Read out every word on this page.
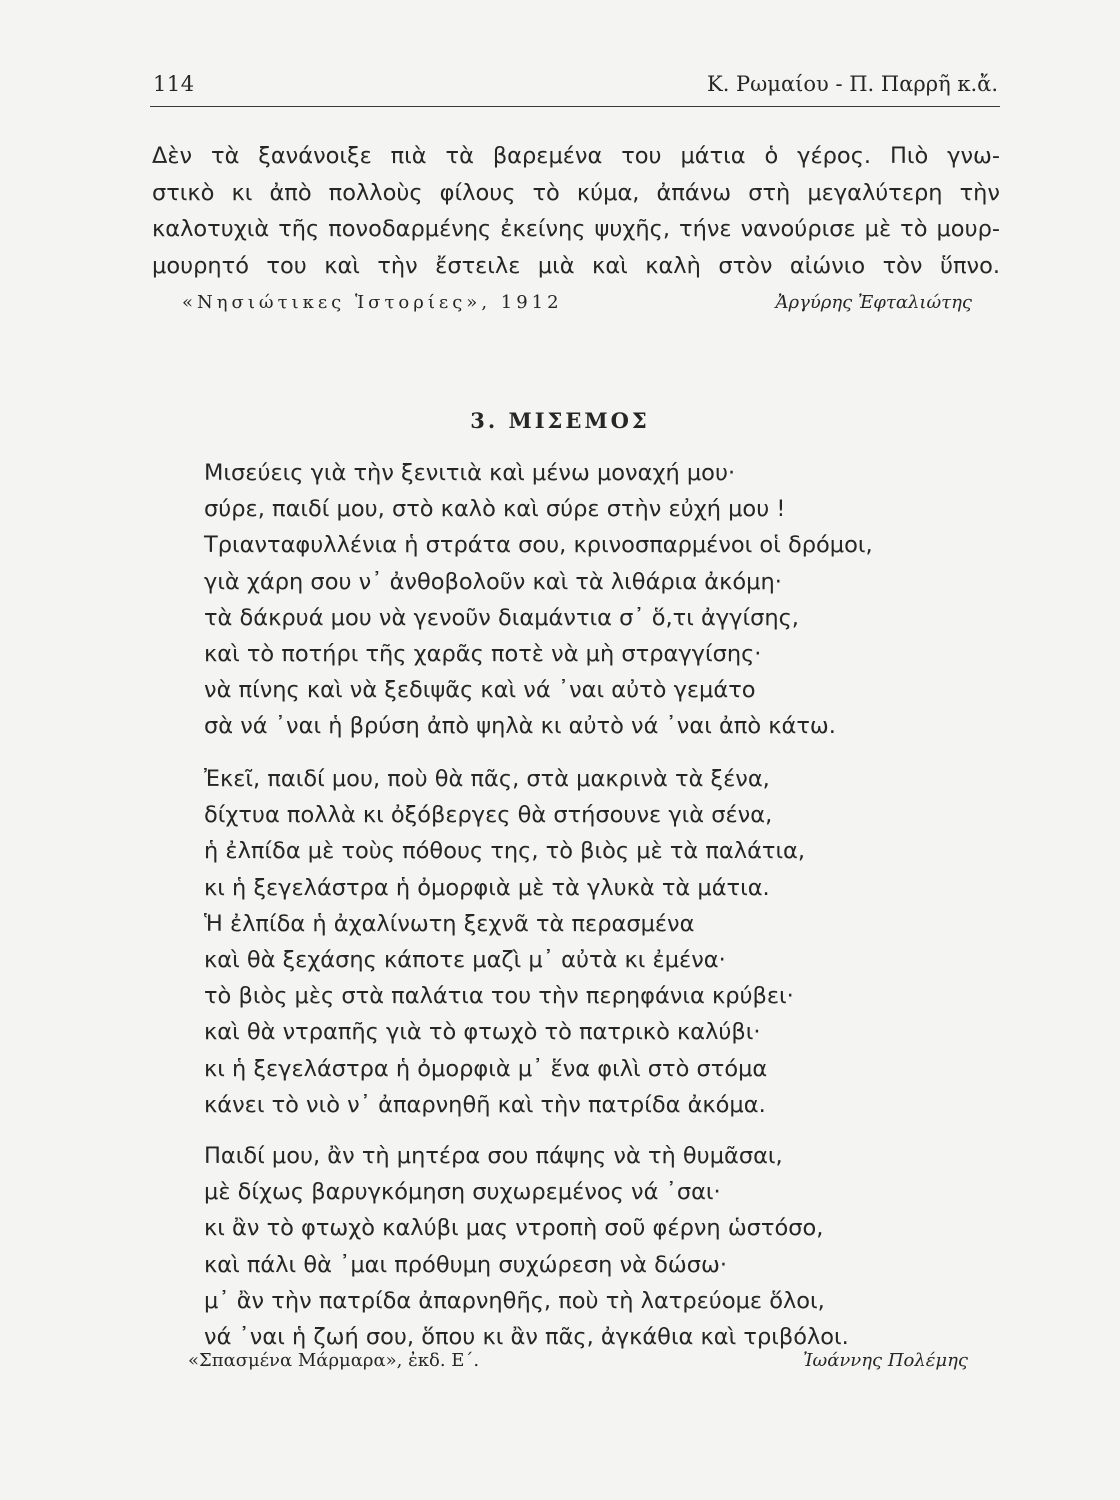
114	Κ. Ρωμαίου - Π. Παρρῆ κ.ἄ.
Δὲν τὰ ξανάνοιξε πιὰ τὰ βαρεμένα του μάτια ὁ γέρος. Πιὸ γνω-
στικὸ κι ἀπὸ πολλοὺς φίλους τὸ κύμα, ἀπάνω στὴ μεγαλύτερη τὴν
καλοτυχιὰ τῆς πονοδαρμένης ἐκείνης ψυχῆς, τήνε νανούρισε μὲ τὸ μουρ-
μουρητό του καὶ τὴν ἔστειλε μιὰ καὶ καλὴ στὸν αἰώνιο τὸν ὕπνο.
«Νησιώτικες Ἱστορίες», 1912	Ἀργύρης Ἐφταλιώτης
3. ΜΙΣΕΜΟΣ
Μισεύεις γιὰ τὴν ξενιτιὰ καὶ μένω μοναχή μου·
σύρε, παιδί μου, στὸ καλὸ καὶ σύρε στὴν εὐχή μου !
Τριανταφυλλένια ἡ στράτα σου, κρινοσπαρμένοι οἱ δρόμοι,
γιὰ χάρη σου ν᾽ ἀνθοβολοῦν καὶ τὰ λιθάρια ἀκόμη·
τὰ δάκρυά μου νὰ γενοῦν διαμάντια σ᾽ ὅ,τι ἀγγίσης,
καὶ τὸ ποτήρι τῆς χαρᾶς ποτὲ νὰ μὴ στραγγίσης·
νὰ πίνης καὶ νὰ ξεδιψᾶς καὶ νά ᾽ναι αὐτὸ γεμάτο
σὰ νά ᾽ναι ἡ βρύση ἀπὸ ψηλὰ κι αὐτὸ νά ᾽ναι ἀπὸ κάτω.
Ἐκεῖ, παιδί μου, ποὺ θὰ πᾶς, στὰ μακρινὰ τὰ ξένα,
δίχτυα πολλὰ κι ὀξόβεργες θὰ στήσουνε γιὰ σένα,
ἡ ἐλπίδα μὲ τοὺς πόθους της, τὸ βιὸς μὲ τὰ παλάτια,
κι ἡ ξεγελάστρα ἡ ὀμορφιὰ μὲ τὰ γλυκὰ τὰ μάτια.
Ἡ ἐλπίδα ἡ ἀχαλίνωτη ξεχνᾶ τὰ περασμένα
καὶ θὰ ξεχάσης κάποτε μαζὶ μ᾽ αὐτὰ κι ἐμένα·
τὸ βιὸς μὲς στὰ παλάτια του τὴν περηφάνια κρύβει·
καὶ θὰ ντραπῆς γιὰ τὸ φτωχὸ τὸ πατρικὸ καλύβι·
κι ἡ ξεγελάστρα ἡ ὀμορφιὰ μ᾽ ἕνα φιλὶ στὸ στόμα
κάνει τὸ νιὸ ν᾽ ἀπαρνηθῆ καὶ τὴν πατρίδα ἀκόμα.
Παιδί μου, ἂν τὴ μητέρα σου πάψης νὰ τὴ θυμᾶσαι,
μὲ δίχως βαρυγκόμηση συχωρεμένος νά ᾽σαι·
κι ἂν τὸ φτωχὸ καλύβι μας ντροπὴ σοῦ φέρνη ὡστόσο,
καὶ πάλι θὰ ᾽μαι πρόθυμη συχώρεση νὰ δώσω·
μ᾽ ἂν τὴν πατρίδα ἀπαρνηθῆς, ποὺ τὴ λατρεύομε ὅλοι,
νά ᾽ναι ἡ ζωή σου, ὅπου κι ἂν πᾶς, ἀγκάθια καὶ τριβόλοι.
«Σπασμένα Μάρμαρα», ἐκδ. Ε´.	Ἰωάννης Πολέμης
